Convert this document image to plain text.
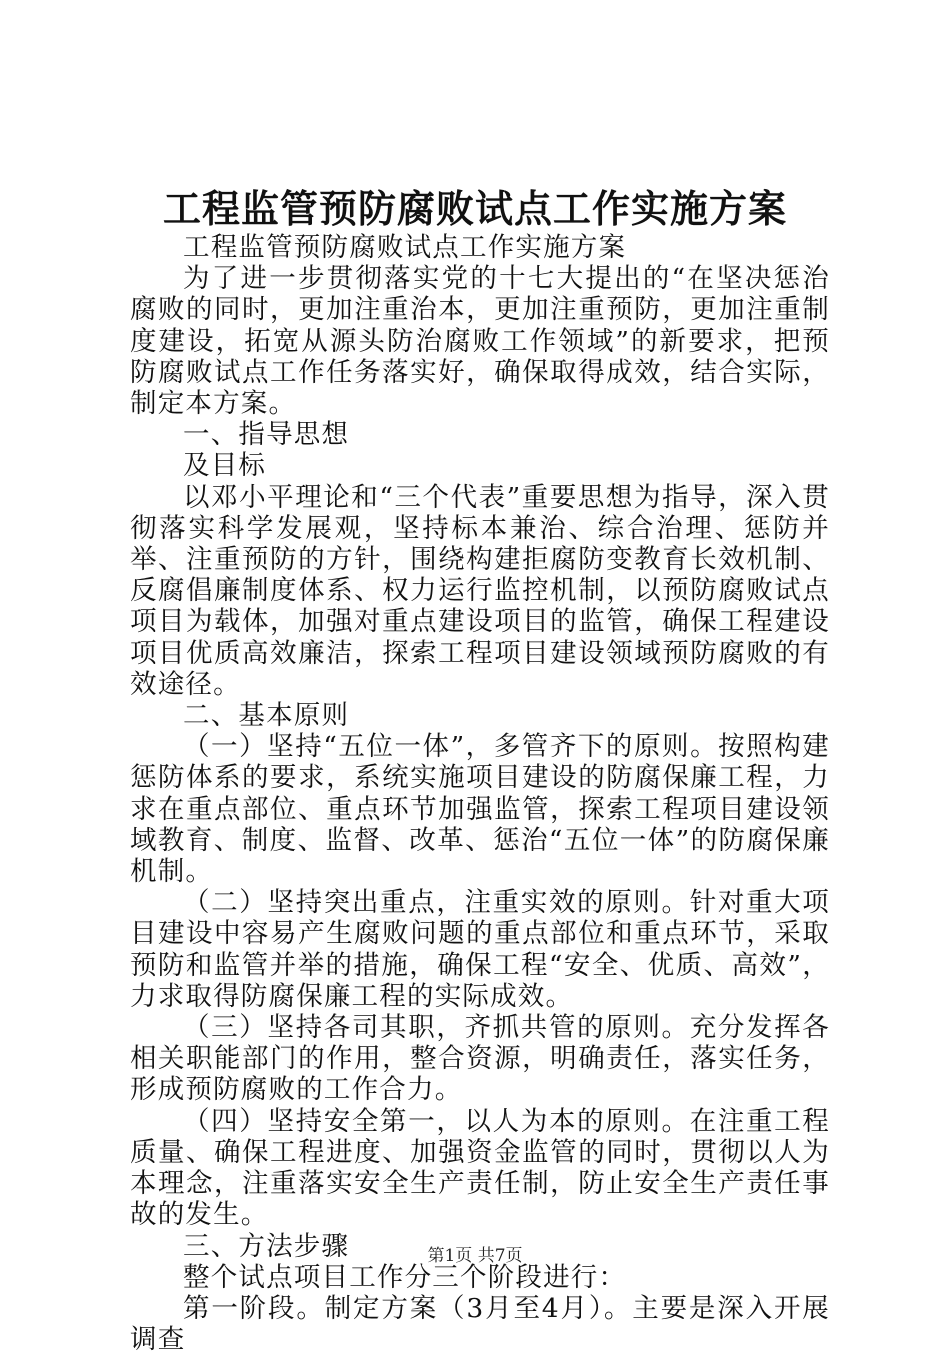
工程监管预防腐败试点工作实施方案

工程监管预防腐败试点工作实施方案

为了进一步贯彻落实党的十七大提出的“在坚决惩治腐败的同时，更加注重治本，更加注重预防，更加注重制度建设，拓宽从源头防治腐败工作领域”的新要求，把预防腐败试点工作任务落实好，确保取得成效，结合实际，制定本方案。

一、指导思想

及目标

以邓小平理论和“三个代表”重要思想为指导，深入贯彻落实科学发展观，坚持标本兼治、综合治理、惩防并举、注重预防的方针，围绕构建拒腐防变教育长效机制、反腐倡廉制度体系、权力运行监控机制，以预防腐败试点项目为载体，加强对重点建设项目的监管，确保工程建设项目优质高效廉洁，探索工程项目建设领域预防腐败的有效途径。

二、基本原则

（一）坚持“五位一体”，多管齐下的原则。按照构建惩防体系的要求，系统实施项目建设的防腐保廉工程，力求在重点部位、重点环节加强监管，探索工程项目建设领域教育、制度、监督、改革、惩治“五位一体”的防腐保廉机制。

（二）坚持突出重点，注重实效的原则。针对重大项目建设中容易产生腐败问题的重点部位和重点环节，采取预防和监管并举的措施，确保工程“安全、优质、高效”，力求取得防腐保廉工程的实际成效。

（三）坚持各司其职，齐抓共管的原则。充分发挥各相关职能部门的作用，整合资源，明确责任，落实任务，形成预防腐败的工作合力。

（四）坚持安全第一，以人为本的原则。在注重工程质量、确保工程进度、加强资金监管的同时，贯彻以人为本理念，注重落实安全生产责任制，防止安全生产责任事故的发生。

三、方法步骤

整个试点项目工作分三个阶段进行：

第一阶段。制定方案（3月至4月）。主要是深入开展调查

第1页 共7页
